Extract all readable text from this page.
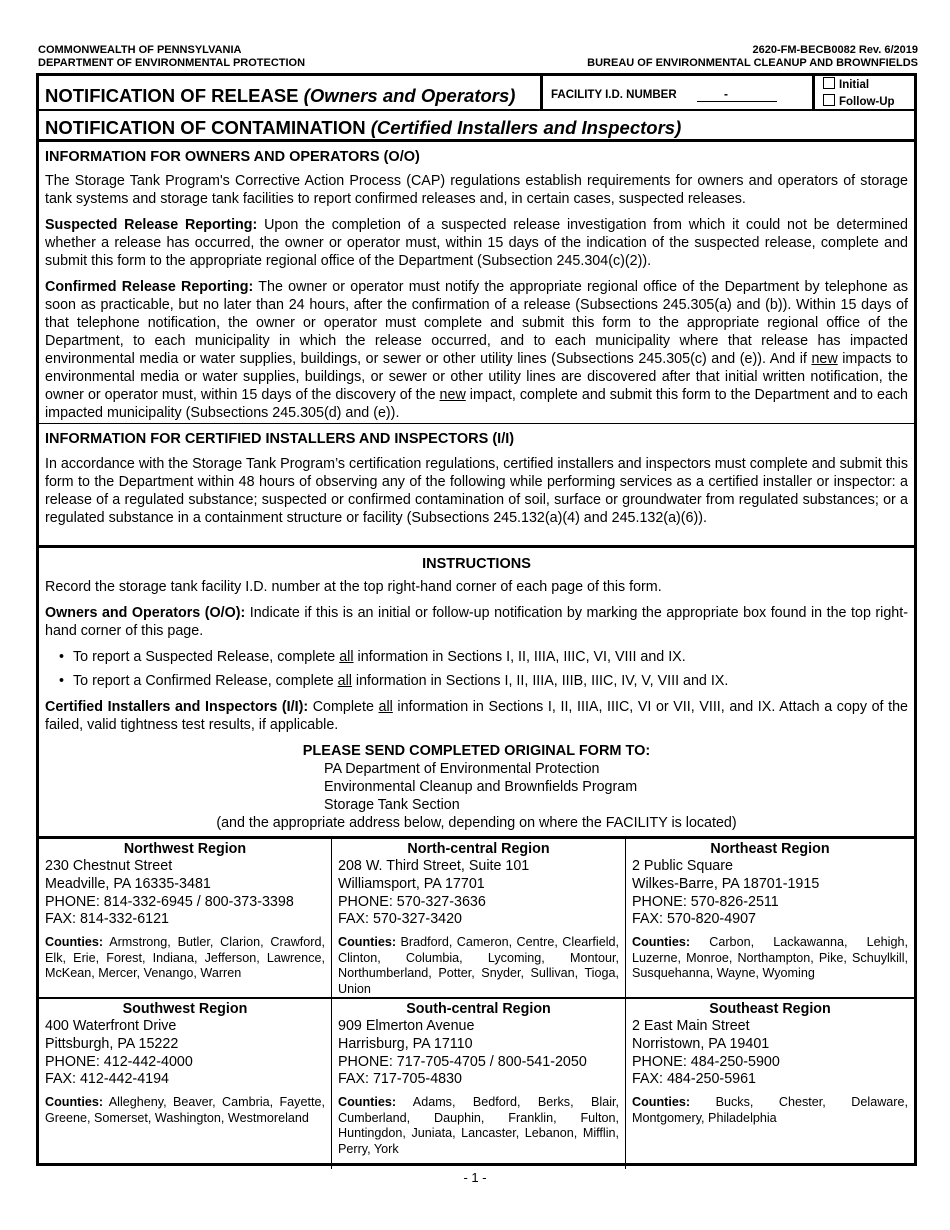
COMMONWEALTH OF PENNSYLVANIA
DEPARTMENT OF ENVIRONMENTAL PROTECTION
2620-FM-BECB0082 Rev. 6/2019
BUREAU OF ENVIRONMENTAL CLEANUP AND BROWNFIELDS
NOTIFICATION OF RELEASE (Owners and Operators)	FACILITY I.D. NUMBER	-
Initial
Follow-Up
NOTIFICATION OF CONTAMINATION (Certified Installers and Inspectors)
INFORMATION FOR OWNERS AND OPERATORS (O/O)

The Storage Tank Program's Corrective Action Process (CAP) regulations establish requirements for owners and operators of storage tank systems and storage tank facilities to report confirmed releases and, in certain cases, suspected releases.

Suspected Release Reporting: Upon the completion of a suspected release investigation from which it could not be determined whether a release has occurred, the owner or operator must, within 15 days of the indication of the suspected release, complete and submit this form to the appropriate regional office of the Department (Subsection 245.304(c)(2)).

Confirmed Release Reporting: The owner or operator must notify the appropriate regional office of the Department by telephone as soon as practicable, but no later than 24 hours, after the confirmation of a release (Subsections 245.305(a) and (b)). Within 15 days of that telephone notification, the owner or operator must complete and submit this form to the appropriate regional office of the Department, to each municipality in which the release occurred, and to each municipality where that release has impacted environmental media or water supplies, buildings, or sewer or other utility lines (Subsections 245.305(c) and (e)). And if new impacts to environmental media or water supplies, buildings, or sewer or other utility lines are discovered after that initial written notification, the owner or operator must, within 15 days of the discovery of the new impact, complete and submit this form to the Department and to each impacted municipality (Subsections 245.305(d) and (e)).

INFORMATION FOR CERTIFIED INSTALLERS AND INSPECTORS (I/I)

In accordance with the Storage Tank Program’s certification regulations, certified installers and inspectors must complete and submit this form to the Department within 48 hours of observing any of the following while performing services as a certified installer or inspector: a release of a regulated substance; suspected or confirmed contamination of soil, surface or groundwater from regulated substances; or a regulated substance in a containment structure or facility (Subsections 245.132(a)(4) and 245.132(a)(6)).

INSTRUCTIONS

Record the storage tank facility I.D. number at the top right-hand corner of each page of this form.

Owners and Operators (O/O): Indicate if this is an initial or follow-up notification by marking the appropriate box found in the top right-hand corner of this page.

• To report a Suspected Release, complete all information in Sections I, II, IIIA, IIIC, VI, VIII and IX.

• To report a Confirmed Release, complete all information in Sections I, II, IIIA, IIIB, IIIC, IV, V, VIII and IX.

Certified Installers and Inspectors (I/I): Complete all information in Sections I, II, IIIA, IIIC, VI or VII, VIII, and IX. Attach a copy of the failed, valid tightness test results, if applicable.

PLEASE SEND COMPLETED ORIGINAL FORM TO:
PA Department of Environmental Protection
Environmental Cleanup and Brownfields Program
Storage Tank Section
(and the appropriate address below, depending on where the FACILITY is located)
Northwest Region
230 Chestnut Street
Meadville, PA 16335-3481
PHONE: 814-332-6945 / 800-373-3398
FAX: 814-332-6121
Counties: Armstrong, Butler, Clarion, Crawford, Elk, Erie, Forest, Indiana, Jefferson, Lawrence, McKean, Mercer, Venango, Warren
North-central Region
208 W. Third Street, Suite 101
Williamsport, PA 17701
PHONE: 570-327-3636
FAX: 570-327-3420
Counties: Bradford, Cameron, Centre, Clearfield, Clinton, Columbia, Lycoming, Montour, Northumberland, Potter, Snyder, Sullivan, Tioga, Union
Northeast Region
2 Public Square
Wilkes-Barre, PA 18701-1915
PHONE: 570-826-2511
FAX: 570-820-4907
Counties: Carbon, Lackawanna, Lehigh, Luzerne, Monroe, Northampton, Pike, Schuylkill, Susquehanna, Wayne, Wyoming
Southwest Region
400 Waterfront Drive
Pittsburgh, PA 15222
PHONE: 412-442-4000
FAX: 412-442-4194
Counties: Allegheny, Beaver, Cambria, Fayette, Greene, Somerset, Washington, Westmoreland
South-central Region
909 Elmerton Avenue
Harrisburg, PA 17110
PHONE: 717-705-4705 / 800-541-2050
FAX: 717-705-4830
Counties: Adams, Bedford, Berks, Blair, Cumberland, Dauphin, Franklin, Fulton, Huntingdon, Juniata, Lancaster, Lebanon, Mifflin, Perry, York
Southeast Region
2 East Main Street
Norristown, PA 19401
PHONE: 484-250-5900
FAX: 484-250-5961
Counties: Bucks, Chester, Delaware, Montgomery, Philadelphia
- 1 -
